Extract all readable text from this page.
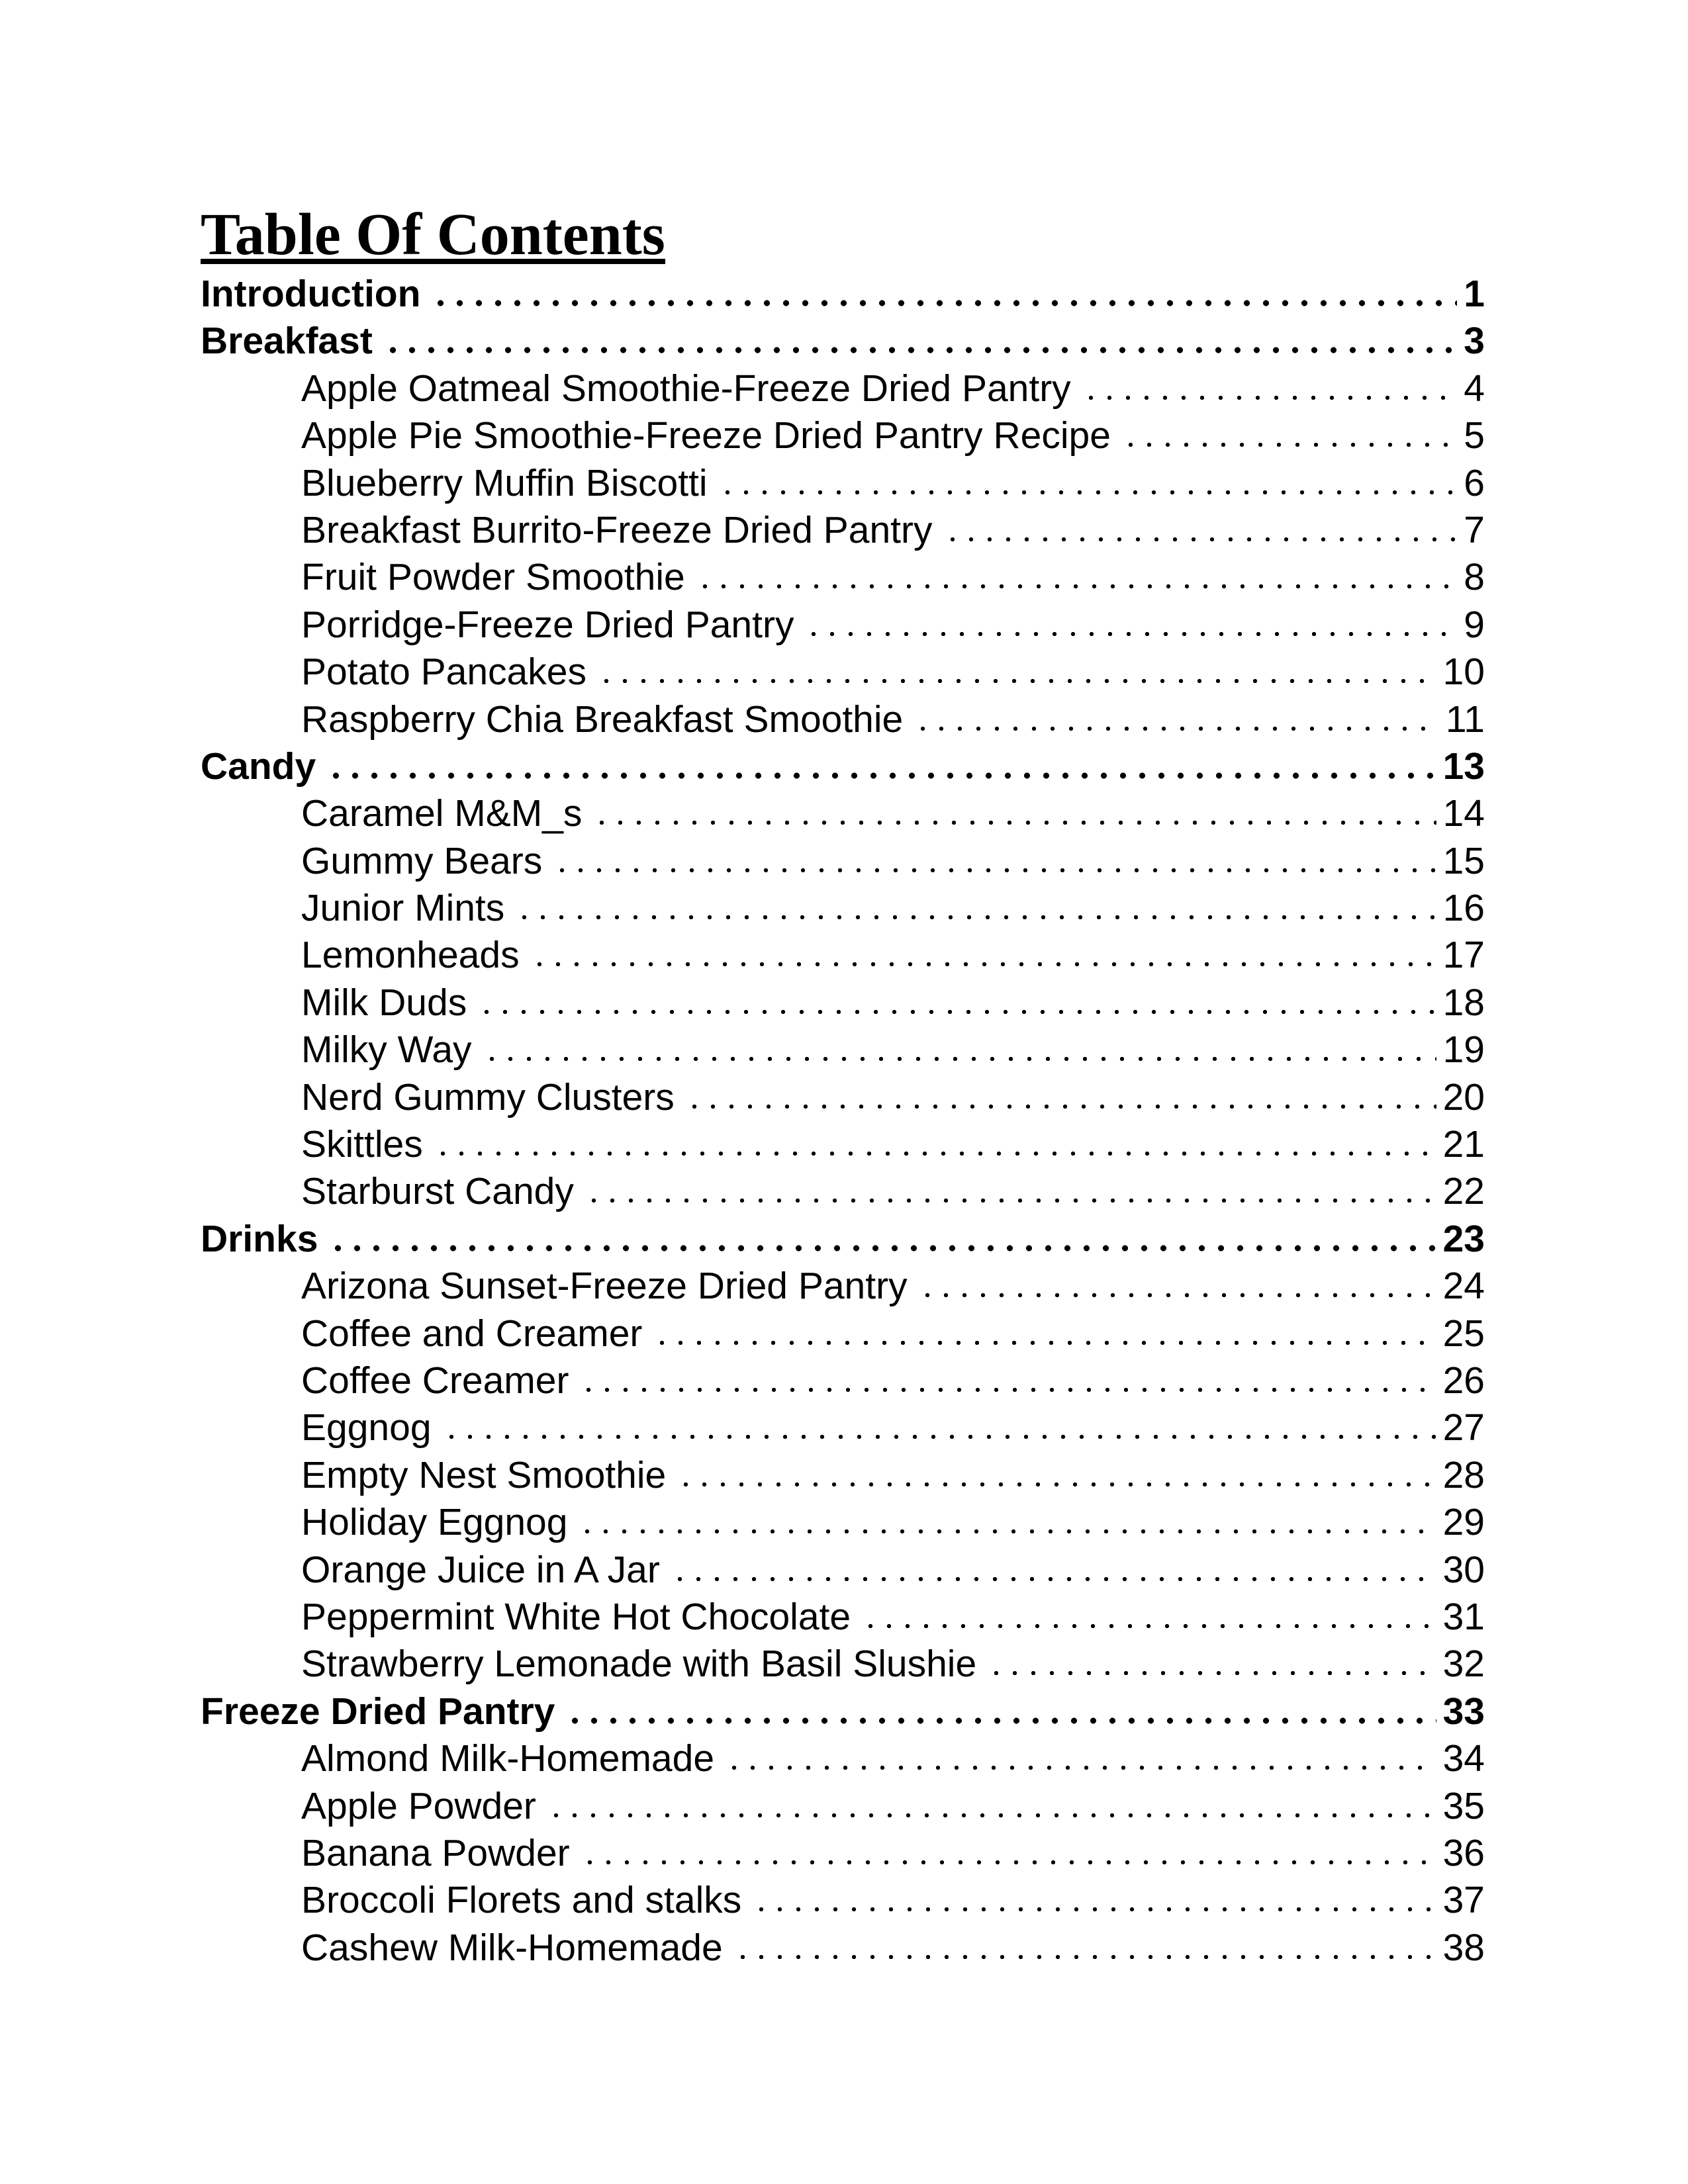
Table Of Contents
Introduction	1
Breakfast	3
Apple Oatmeal Smoothie-Freeze Dried Pantry	4
Apple Pie Smoothie-Freeze Dried Pantry Recipe	5
Blueberry Muffin Biscotti	6
Breakfast Burrito-Freeze Dried Pantry	7
Fruit Powder Smoothie	8
Porridge-Freeze Dried Pantry	9
Potato Pancakes	10
Raspberry Chia Breakfast Smoothie	11
Candy	13
Caramel M&M_s	14
Gummy Bears	15
Junior Mints	16
Lemonheads	17
Milk Duds	18
Milky Way	19
Nerd Gummy Clusters	20
Skittles	21
Starburst Candy	22
Drinks	23
Arizona Sunset-Freeze Dried Pantry	24
Coffee and Creamer	25
Coffee Creamer	26
Eggnog	27
Empty Nest Smoothie	28
Holiday Eggnog	29
Orange Juice in A Jar	30
Peppermint White Hot Chocolate	31
Strawberry Lemonade with Basil Slushie	32
Freeze Dried Pantry	33
Almond Milk-Homemade	34
Apple Powder	35
Banana Powder	36
Broccoli Florets and stalks	37
Cashew Milk-Homemade	38
